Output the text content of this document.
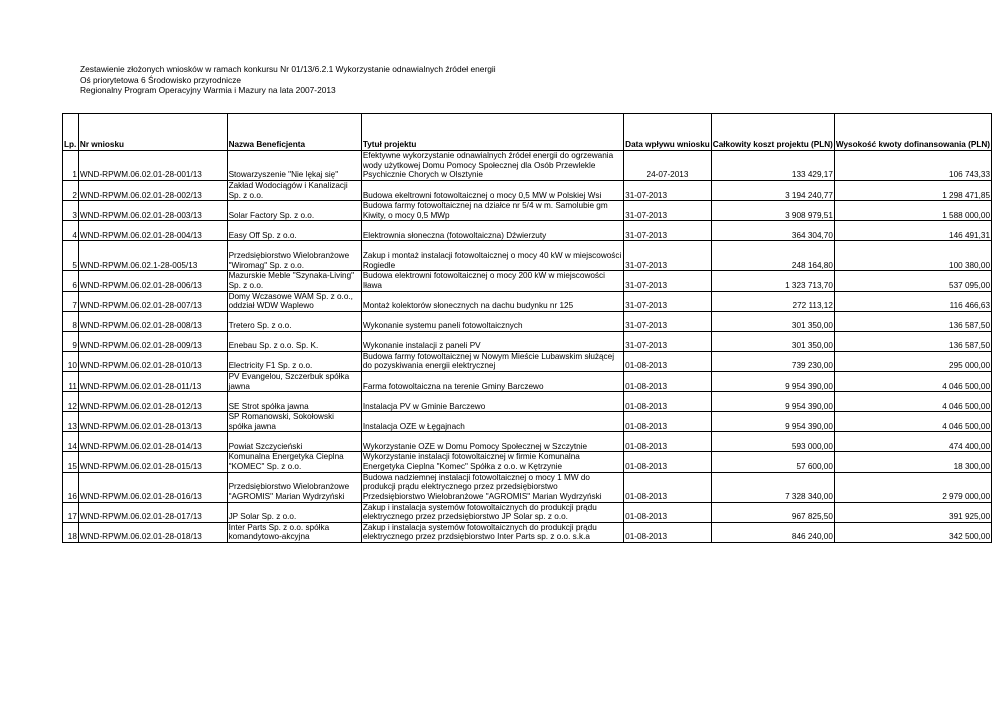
Zestawienie złożonych wniosków w ramach konkursu Nr 01/13/6.2.1 Wykorzystanie odnawialnych źródeł energii
Oś priorytetowa 6 Środowisko przyrodnicze
Regionalny Program Operacyjny Warmia i Mazury na lata 2007-2013
Lp.	Nr wniosku	Nazwa Beneficjenta	Tytuł projektu	Data wpływu wniosku	Całkowity koszt projektu (PLN)	Wysokość kwoty dofinansowania (PLN)
1	WND-RPWM.06.02.01-28-001/13	Stowarzyszenie "Nie lękaj się"	Efektywne wykorzystanie odnawialnych źródeł energii do ogrzewania wody użytkowej Domu Pomocy Społecznej dla Osób Przewlekle Psychicznie Chorych w Olsztynie	24-07-2013	133 429,17	106 743,33
2	WND-RPWM.06.02.01-28-002/13	Zakład Wodociągów i Kanalizacji Sp. z o.o.	Budowa ekeltrowni fotowoltaicznej o mocy 0,5 MW w Polskiej Wsi	31-07-2013	3 194 240,77	1 298 471,85
3	WND-RPWM.06.02.01-28-003/13	Solar Factory Sp. z o.o.	Budowa farmy fotowoltaicznej na działce nr 5/4 w m. Samolubie gm Kiwity, o mocy 0,5 MWp	31-07-2013	3 908 979,51	1 588 000,00
4	WND-RPWM.06.02.01-28-004/13	Easy Off Sp. z o.o.	Elektrownia słoneczna (fotowoltaiczna) Dźwierzuty	31-07-2013	364 304,70	146 491,31
5	WND-RPWM.06.02.1-28-005/13	Przedsiębiorstwo Wielobranżowe "Wiromag" Sp. z o.o.	Zakup i montaż instalacji fotowoltaicznej o mocy 40 kW w miejscowości Rogiedle	31-07-2013	248 164,80	100 380,00
6	WND-RPWM.06.02.01-28-006/13	Mazurskie Meble "Szynaka-Living" Sp. z o.o.	Budowa elektrowni fotowoltaicznej o mocy 200 kW w miejscowości Iława	31-07-2013	1 323 713,70	537 095,00
7	WND-RPWM.06.02.01-28-007/13	Domy Wczasowe WAM Sp. z o.o., oddział WDW Waplewo	Montaż kolektorów słonecznych na dachu budynku nr 125	31-07-2013	272 113,12	116 466,63
8	WND-RPWM.06.02.01-28-008/13	Tretero Sp. z o.o.	Wykonanie systemu paneli fotowoltaicznych	31-07-2013	301 350,00	136 587,50
9	WND-RPWM.06.02.01-28-009/13	Enebau Sp. z o.o. Sp. K.	Wykonanie instalacji z paneli PV	31-07-2013	301 350,00	136 587,50
10	WND-RPWM.06.02.01-28-010/13	Electricity F1 Sp. z o.o.	Budowa farmy fotowoltaicznej w Nowym Mieście Lubawskim służącej do pozyskiwania energii elektrycznej	01-08-2013	739 230,00	295 000,00
11	WND-RPWM.06.02.01-28-011/13	PV Evangelou, Szczerbuk spółka jawna	Farma fotowoltaiczna na terenie Gminy Barczewo	01-08-2013	9 954 390,00	4 046 500,00
12	WND-RPWM.06.02.01-28-012/13	SE Strot spółka jawna	Instalacja PV w Gminie Barczewo	01-08-2013	9 954 390,00	4 046 500,00
13	WND-RPWM.06.02.01-28-013/13	SP Romanowski, Sokołowski spółka jawna	Instalacja OZE w Łęgajnach	01-08-2013	9 954 390,00	4 046 500,00
14	WND-RPWM.06.02.01-28-014/13	Powiat Szczycieński	Wykorzystanie OZE w Domu Pomocy Społecznej w Szczytnie	01-08-2013	593 000,00	474 400,00
15	WND-RPWM.06.02.01-28-015/13	Komunalna Energetyka Cieplna "KOMEC" Sp. z o.o.	Wykorzystanie instalacji fotowoltaicznej w firmie Komunalna Energetyka Cieplna "Komec" Spółka z o.o. w Kętrzynie	01-08-2013	57 600,00	18 300,00
16	WND-RPWM.06.02.01-28-016/13	Przedsiębiorstwo Wielobranżowe "AGROMIS" Marian Wydrzyński	Budowa nadziemnej instalacji fotowoltaicznej o mocy 1 MW do produkcji prądu elektrycznego przez przedsiębiorstwo Przedsiębiorstwo Wielobranżowe "AGROMIS" Marian Wydrzyński	01-08-2013	7 328 340,00	2 979 000,00
17	WND-RPWM.06.02.01-28-017/13	JP Solar Sp. z o.o.	Zakup i instalacja systemów fotowoltaicznych do produkcji prądu elektrycznego przez przedsiębiorstwo JP Solar sp. z o.o.	01-08-2013	967 825,50	391 925,00
18	WND-RPWM.06.02.01-28-018/13	Inter Parts Sp. z o.o. spółka komandytowo-akcyjna	Zakup i instalacja systemów fotowoltaicznych do produkcji prądu elektrycznego przez przdsiębiorstwo Inter Parts sp. z o.o. s.k.a	01-08-2013	846 240,00	342 500,00
